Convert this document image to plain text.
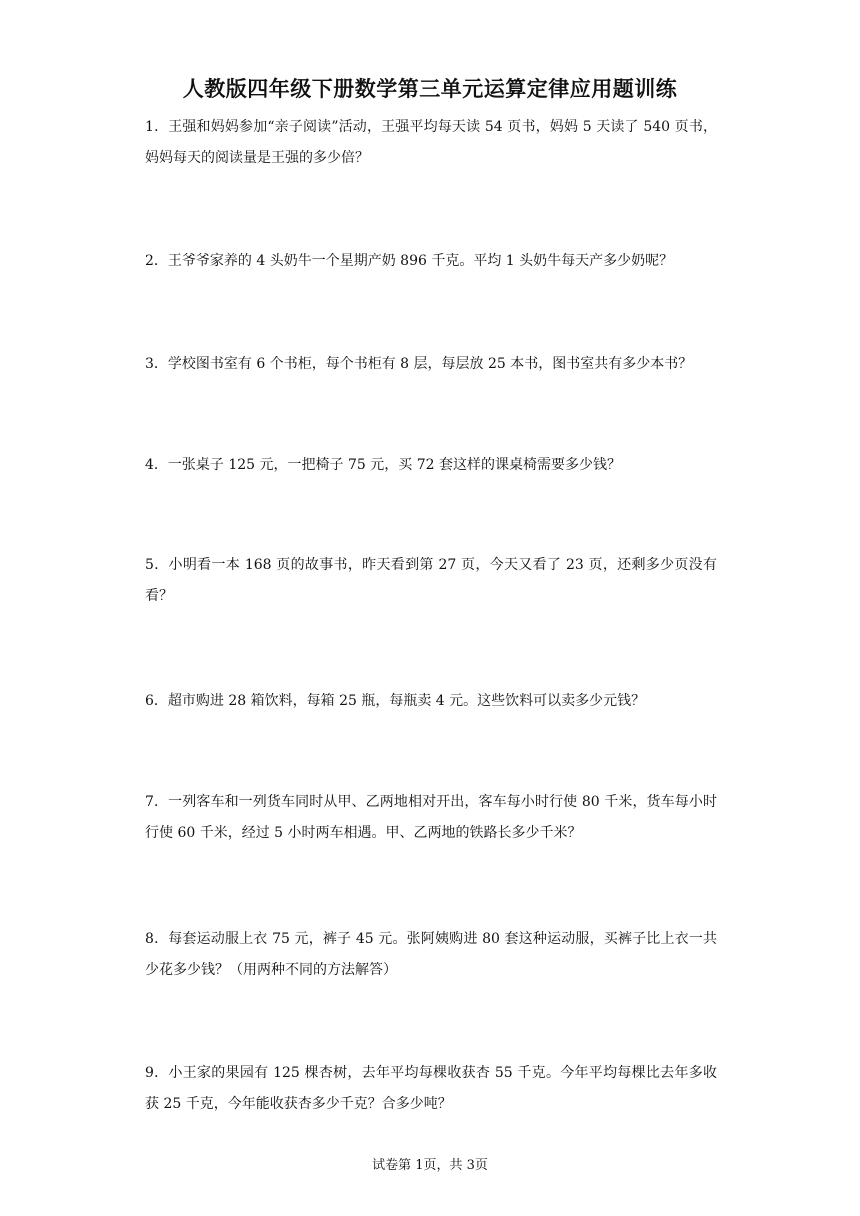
人教版四年级下册数学第三单元运算定律应用题训练
1．王强和妈妈参加“亲子阅读”活动，王强平均每天读 54 页书，妈妈 5 天读了 540 页书，妈妈每天的阅读量是王强的多少倍？
2．王爷爷家养的 4 头奶牛一个星期产奶 896 千克。平均 1 头奶牛每天产多少奶呢？
3．学校图书室有 6 个书柜，每个书柜有 8 层，每层放 25 本书，图书室共有多少本书？
4．一张桌子 125 元，一把椅子 75 元，买 72 套这样的课桌椅需要多少钱？
5．小明看一本 168 页的故事书，昨天看到第 27 页，今天又看了 23 页，还剩多少页没有看？
6．超市购进 28 箱饮料，每箱 25 瓶，每瓶卖 4 元。这些饮料可以卖多少元钱？
7．一列客车和一列货车同时从甲、乙两地相对开出，客车每小时行使 80 千米，货车每小时行使 60 千米，经过 5 小时两车相遇。甲、乙两地的铁路长多少千米？
8．每套运动服上衣 75 元，裤子 45 元。张阿姨购进 80 套这种运动服，买裤子比上衣一共少花多少钱？（用两种不同的方法解答）
9．小王家的果园有 125 棵杏树，去年平均每棵收获杏 55 千克。今年平均每棵比去年多收获 25 千克，今年能收获杏多少千克？合多少吨？
试卷第 1页，共 3页
